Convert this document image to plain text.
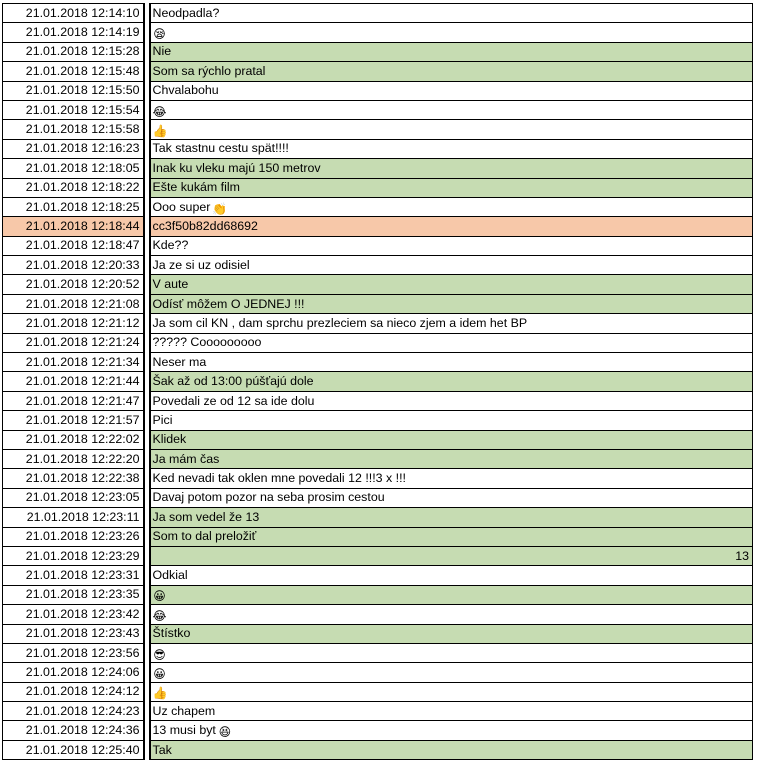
21.01.2018 12:14:10		Neodpadla?
21.01.2018 12:14:19		😪
21.01.2018 12:15:28		Nie
21.01.2018 12:15:48		Som sa rýchlo pratal
21.01.2018 12:15:50		Chvalabohu
21.01.2018 12:15:54		😂
21.01.2018 12:15:58		👍
21.01.2018 12:16:23		Tak stastnu cestu spät!!!!
21.01.2018 12:18:05		Inak ku vleku majú 150 metrov
21.01.2018 12:18:22		Ešte kukám film
21.01.2018 12:18:25		Ooo super 👏
21.01.2018 12:18:44		cc3f50b82dd68692
21.01.2018 12:18:47		Kde??
21.01.2018 12:20:33		Ja ze si uz odisiel
21.01.2018 12:20:52		V aute
21.01.2018 12:21:08		Odísť môžem O JEDNEJ !!!
21.01.2018 12:21:12		Ja som cil KN , dam sprchu prezleciem sa nieco zjem a idem het BP
21.01.2018 12:21:24		????? Cooooooooo
21.01.2018 12:21:34		Neser ma
21.01.2018 12:21:44		Šak až od 13:00 púšťajú dole
21.01.2018 12:21:47		Povedali ze od 12 sa ide dolu
21.01.2018 12:21:57		Pici
21.01.2018 12:22:02		Klidek
21.01.2018 12:22:20		Ja mám čas
21.01.2018 12:22:38		Ked nevadi tak oklen mne povedali 12 !!!3 x !!!
21.01.2018 12:23:05		Davaj potom pozor na seba prosim cestou
21.01.2018 12:23:11		Ja som vedel že 13
21.01.2018 12:23:26		Som to dal preložiť
21.01.2018 12:23:29		13
21.01.2018 12:23:31		Odkial
21.01.2018 12:23:35		😀
21.01.2018 12:23:42		😂
21.01.2018 12:23:43		Štístko
21.01.2018 12:23:56		😎
21.01.2018 12:24:06		😀
21.01.2018 12:24:12		👍
21.01.2018 12:24:23		Uz chapem
21.01.2018 12:24:36		13 musi byt 😆
21.01.2018 12:25:40		Tak
